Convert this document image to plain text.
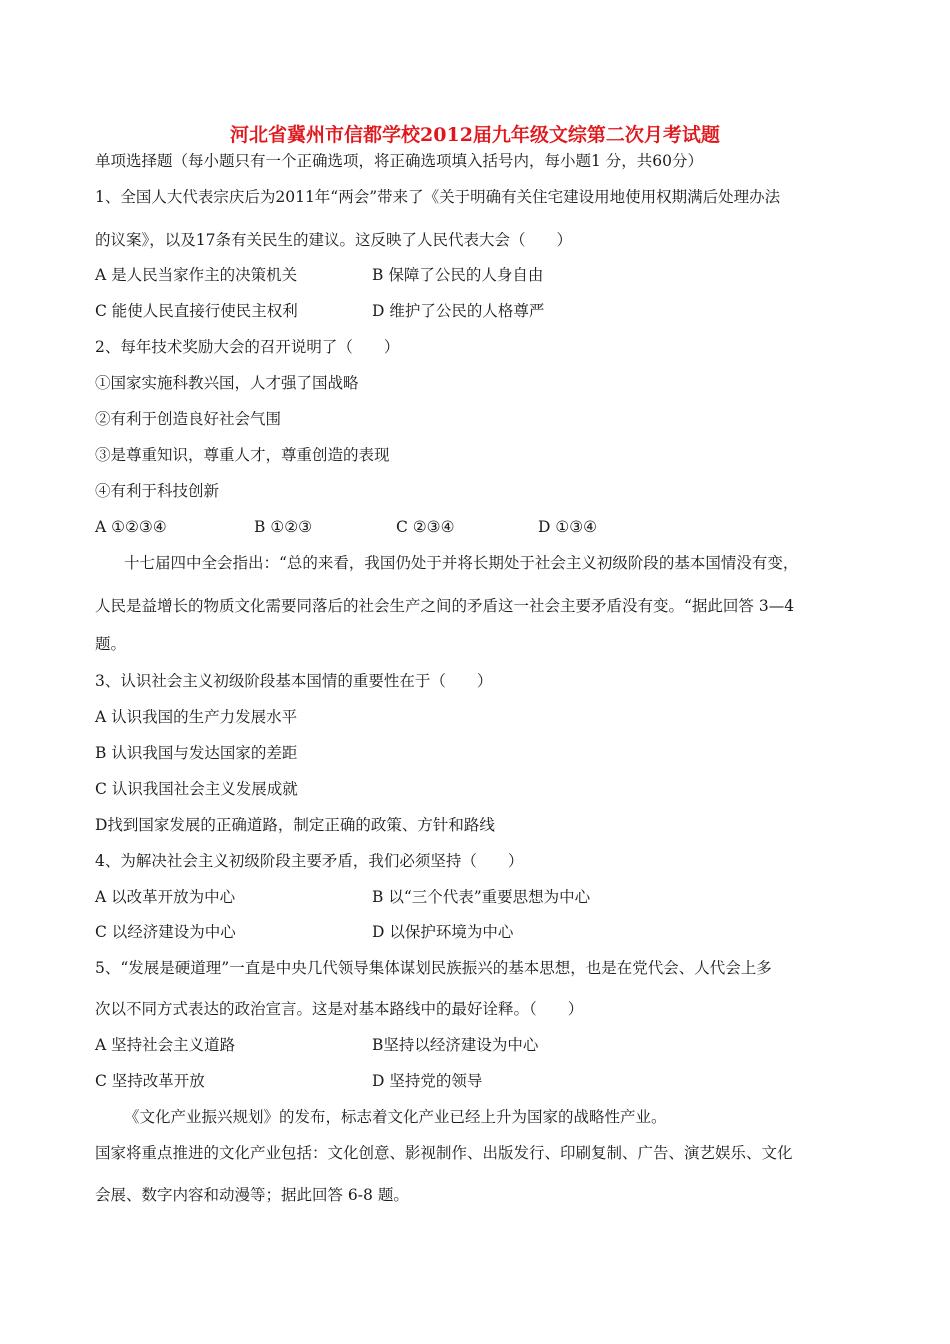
河北省冀州市信都学校2012届九年级文综第二次月考试题
单项选择题（每小题只有一个正确选项，将正确选项填入括号内，每小题1 分，共60分）
1、全国人大代表宗庆后为2011年“两会”带来了《关于明确有关住宅建设用地使用权期满后处理办法
的议案》，以及17条有关民生的建议。这反映了人民代表大会（　　）
A 是人民当家作主的决策机关	B 保障了公民的人身自由
C 能使人民直接行使民主权利	D 维护了公民的人格尊严
2、每年技术奖励大会的召开说明了（　　）
①国家实施科教兴国，人才强了国战略
②有利于创造良好社会气围
③是尊重知识，尊重人才，尊重创造的表现
④有利于科技创新
A ①②③④	B ①②③	C ②③④	D ①③④
十七届四中全会指出：“总的来看，我国仍处于并将长期处于社会主义初级阶段的基本国情没有变，
人民是益增长的物质文化需要同落后的社会生产之间的矛盾这一社会主要矛盾没有变。“据此回答 3—4
题。
3、认识社会主义初级阶段基本国情的重要性在于（　　）
A 认识我国的生产力发展水平
B 认识我国与发达国家的差距
C 认识我国社会主义发展成就
D找到国家发展的正确道路，制定正确的政策、方针和路线
4、为解决社会主义初级阶段主要矛盾，我们必须坚持（　　）
A 以改革开放为中心	B 以“三个代表”重要思想为中心
C 以经济建设为中心	D 以保护环境为中心
5、“发展是硬道理”一直是中央几代领导集体谋划民族振兴的基本思想，也是在党代会、人代会上多
次以不同方式表达的政治宣言。这是对基本路线中的最好诠释。（　　）
A 坚持社会主义道路	B坚持以经济建设为中心
C 坚持改革开放	D 坚持党的领导
《文化产业振兴规划》的发布，标志着文化产业已经上升为国家的战略性产业。
国家将重点推进的文化产业包括：文化创意、影视制作、出版发行、印刷复制、广告、演艺娱乐、文化
会展、数字内容和动漫等；据此回答 6-8 题。
